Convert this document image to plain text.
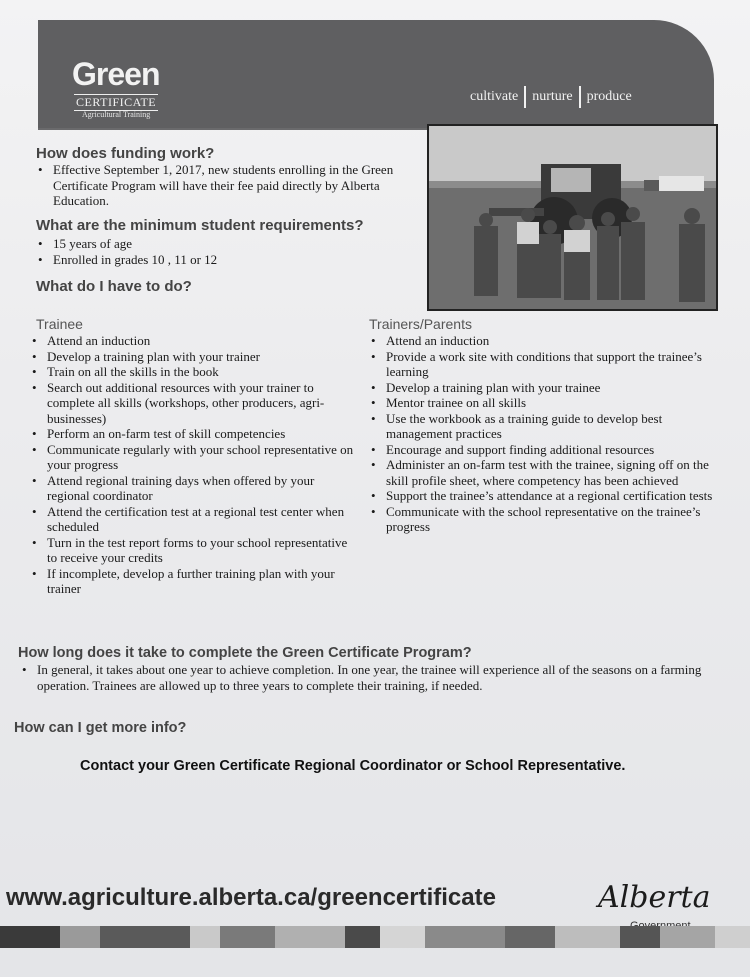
Green
CERTIFICATE
Agricultural Training
cultivate nurture produce
How does funding work?
• Effective September 1, 2017, new students enrolling in the Green Certificate Program will have their fee paid directly by Alberta Education.
What are the minimum student requirements?
• 15 years of age
• Enrolled in grades 10 , 11 or 12
What do I have to do?
Trainee
• Attend an induction
• Develop a training plan with your trainer
• Train on all the skills in the book
• Search out additional resources with your trainer to complete all skills (workshops, other producers, agri-businesses)
• Perform an on-farm test of skill competencies
• Communicate regularly with your school representative on your progress
• Attend regional training days when offered by your regional coordinator
• Attend the certification test at a regional test center when scheduled
• Turn in the test report forms to your school representative to receive your credits
• If incomplete, develop a further training plan with your trainer
Trainers/Parents
• Attend an induction
• Provide a work site with conditions that support the trainee’s learning
• Develop a training plan with your trainee
• Mentor trainee on all skills
• Use the workbook as a training guide to develop best management practices
• Encourage and support finding additional resources
• Administer an on-farm test with the trainee, signing off on the skill profile sheet, where competency has been achieved
• Support the trainee’s attendance at a regional certification tests
• Communicate with the school representative on the trainee’s progress
How long does it take to complete the Green Certificate Program?
• In general, it takes about one year to achieve completion. In one year, the trainee will experience all of the seasons on a farming operation. Trainees are allowed up to three years to complete their training, if needed.
How can I get more info?
Contact your Green Certificate Regional Coordinator or School Representative.
www.agriculture.alberta.ca/greencertificate	Alberta
